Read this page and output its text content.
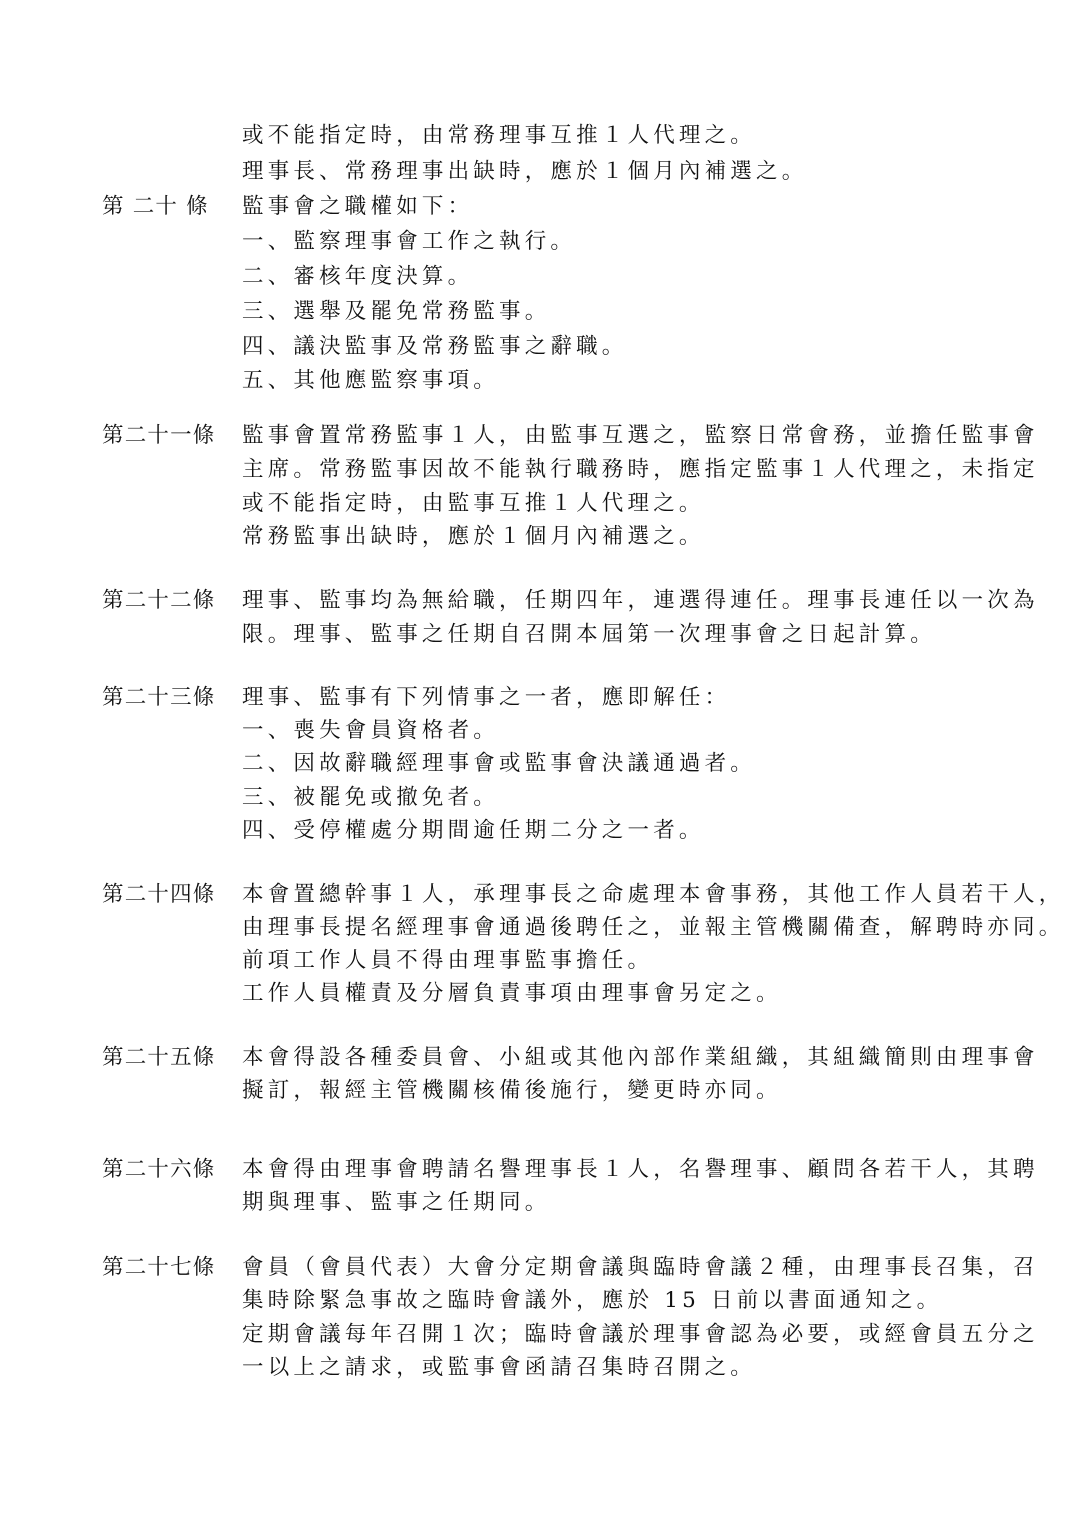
或不能指定時，由常務理事互推１人代理之。
理事長、常務理事出缺時，應於１個月內補選之。
第 二十 條 監事會之職權如下：
一、監察理事會工作之執行。
二、審核年度決算。
三、選舉及罷免常務監事。
四、議決監事及常務監事之辭職。
五、其他應監察事項。
第二十一條 監事會置常務監事１人，由監事互選之，監察日常會務，並擔任監事會
主席。常務監事因故不能執行職務時，應指定監事１人代理之，未指定
或不能指定時，由監事互推１人代理之。
常務監事出缺時，應於１個月內補選之。
第二十二條 理事、監事均為無給職，任期四年，連選得連任。理事長連任以一次為
限。理事、監事之任期自召開本屆第一次理事會之日起計算。
第二十三條 理事、監事有下列情事之一者，應即解任：
一、喪失會員資格者。
二、因故辭職經理事會或監事會決議通過者。
三、被罷免或撤免者。
四、受停權處分期間逾任期二分之一者。
第二十四條 本會置總幹事１人，承理事長之命處理本會事務，其他工作人員若干人，
由理事長提名經理事會通過後聘任之，並報主管機關備查，解聘時亦同。
前項工作人員不得由理事監事擔任。
工作人員權責及分層負責事項由理事會另定之。
第二十五條 本會得設各種委員會、小組或其他內部作業組織，其組織簡則由理事會
擬訂，報經主管機關核備後施行，變更時亦同。
第二十六條 本會得由理事會聘請名譽理事長１人，名譽理事、顧問各若干人，其聘
期與理事、監事之任期同。
第二十七條 會員（會員代表）大會分定期會議與臨時會議２種，由理事長召集，召
集時除緊急事故之臨時會議外，應於 15 日前以書面通知之。
定期會議每年召開１次；臨時會議於理事會認為必要，或經會員五分之
一以上之請求，或監事會函請召集時召開之。
